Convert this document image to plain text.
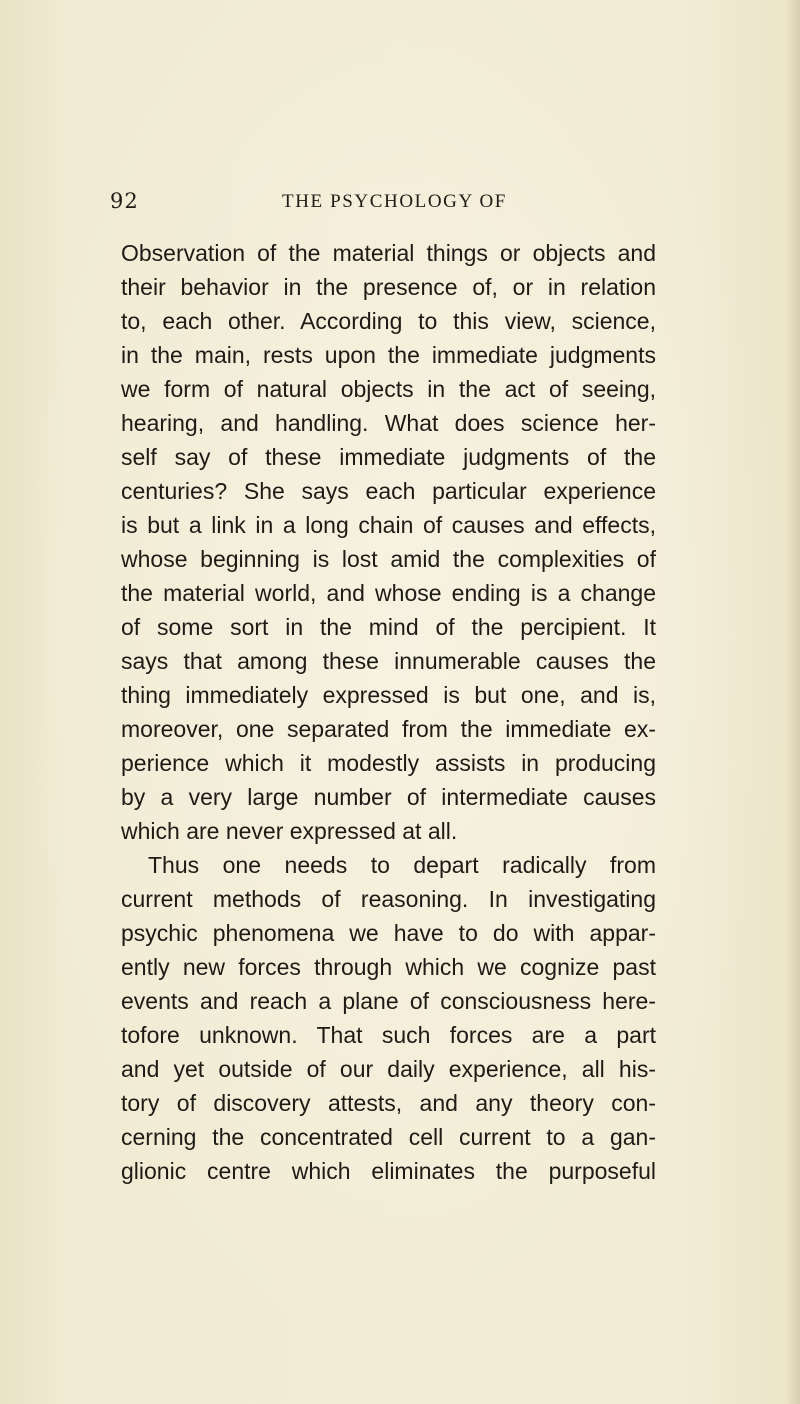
92	THE PSYCHOLOGY OF
Observation of the material things or objects and
their behavior in the presence of, or in relation
to, each other. According to this view, science,
in the main, rests upon the immediate judgments
we form of natural objects in the act of seeing,
hearing, and handling. What does science her-
self say of these immediate judgments of the
centuries? She says each particular experience
is but a link in a long chain of causes and effects,
whose beginning is lost amid the complexities of
the material world, and whose ending is a change
of some sort in the mind of the percipient. It
says that among these innumerable causes the
thing immediately expressed is but one, and is,
moreover, one separated from the immediate ex-
perience which it modestly assists in producing
by a very large number of intermediate causes
which are never expressed at all.
Thus one needs to depart radically from
current methods of reasoning. In investigating
psychic phenomena we have to do with appar-
ently new forces through which we cognize past
events and reach a plane of consciousness here-
tofore unknown. That such forces are a part
and yet outside of our daily experience, all his-
tory of discovery attests, and any theory con-
cerning the concentrated cell current to a gan-
glionic centre which eliminates the purposeful
